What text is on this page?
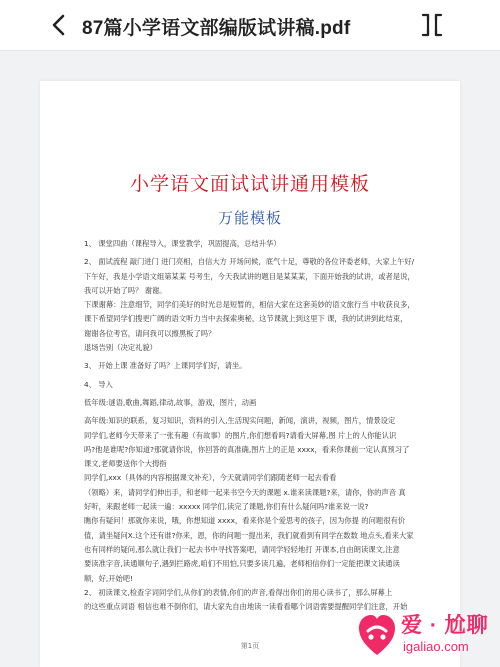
87篇小学语文部编版试讲稿.pdf
小学语文面试试讲通用模板
万能模板

1、 课堂四曲（课程导入，课堂教学，巩固提高，总结升华）

2、 面试流程 敲门进门 进门亮相，自信大方 开场问候，底气十足，尊敬的各位评委老师，大家上午好/

下午好，我是小学语文组第某某 号考生，今天我试讲的题目是某某某，下面开始我的试讲，或者是说，

我可以开始了吗？ 谢谢。

下课谢幕：注意细节，同学们美好的时光总是短暂的，相信大家在这套美妙的语文旅行当 中收获良多，

课下希望同学们搜更广阔的语文听力当中去探索奥秘，这节课就上到这里下 课，我的试讲到此结束，

谢谢各位考官，请问我可以擦黑板了吗？

退场告别（决定礼貌）

3、 开始上课 准备好了吗？上课同学们好，请坐。

4、 导入

低年级:谜语,歌曲,舞蹈,律动,故事，游戏，图片，动画

高年级:知识的联系，复习知识，资料的引入,生活现实问题，新闻，演讲，视频，图片，情景设定

同学们,老师今天带来了一张有趣（有故事）的图片,你们想看吗?请看大屏幕,图 片上的人你能认识

吗?他是谁呢?你知道?那就请你说，你回答的真准确,图片上的正是 xxxx，看来你课前一定认真预习了

课文,老师要送你个大拇指

同学们,xxx（具体的内容根据课文补充），今天就请同学们跟随老师一起去看看

（领略）来，请同学们伸出手，和老师一起来书空今天的课题 x.谁来读课题?来，请你，你的声音 真

好听，来跟老师一起读一遍：xxxxx 同学们,读完了课题,你们有什么疑问吗?谁来说一说?

瞧你有疑问！那就你来说，哦，你想知道 xxxx，看来你是个爱思考的孩子，因为你提 的问题很有价

值，请坐疑问X.这个还有谁?你来，恩，你的问题一提出来，我们就看到有同学在数数 地点头,看来大家

也有同样的疑问,那么就让我们一起去书中寻找答案吧，请同学轻轻地打 开课本,自由朗读课文,注意

要读准字音,读通顺句子,遇到拦路虎,咱们不用怕,只要多读几遍，老师相信你们一定能把课文读通读

顺，好,开始吧!

2、 初读课文,检查字词同学们,从你们的表情,你们的声音,看得出你们的用心读书了，那么屏幕上

的这些重点词语 相信也难不倒你们，请大家先自由地读一读看看哪个词语需要提醒同学们注意，开始

第1页
爱 · 尬聊
igaliao.com
